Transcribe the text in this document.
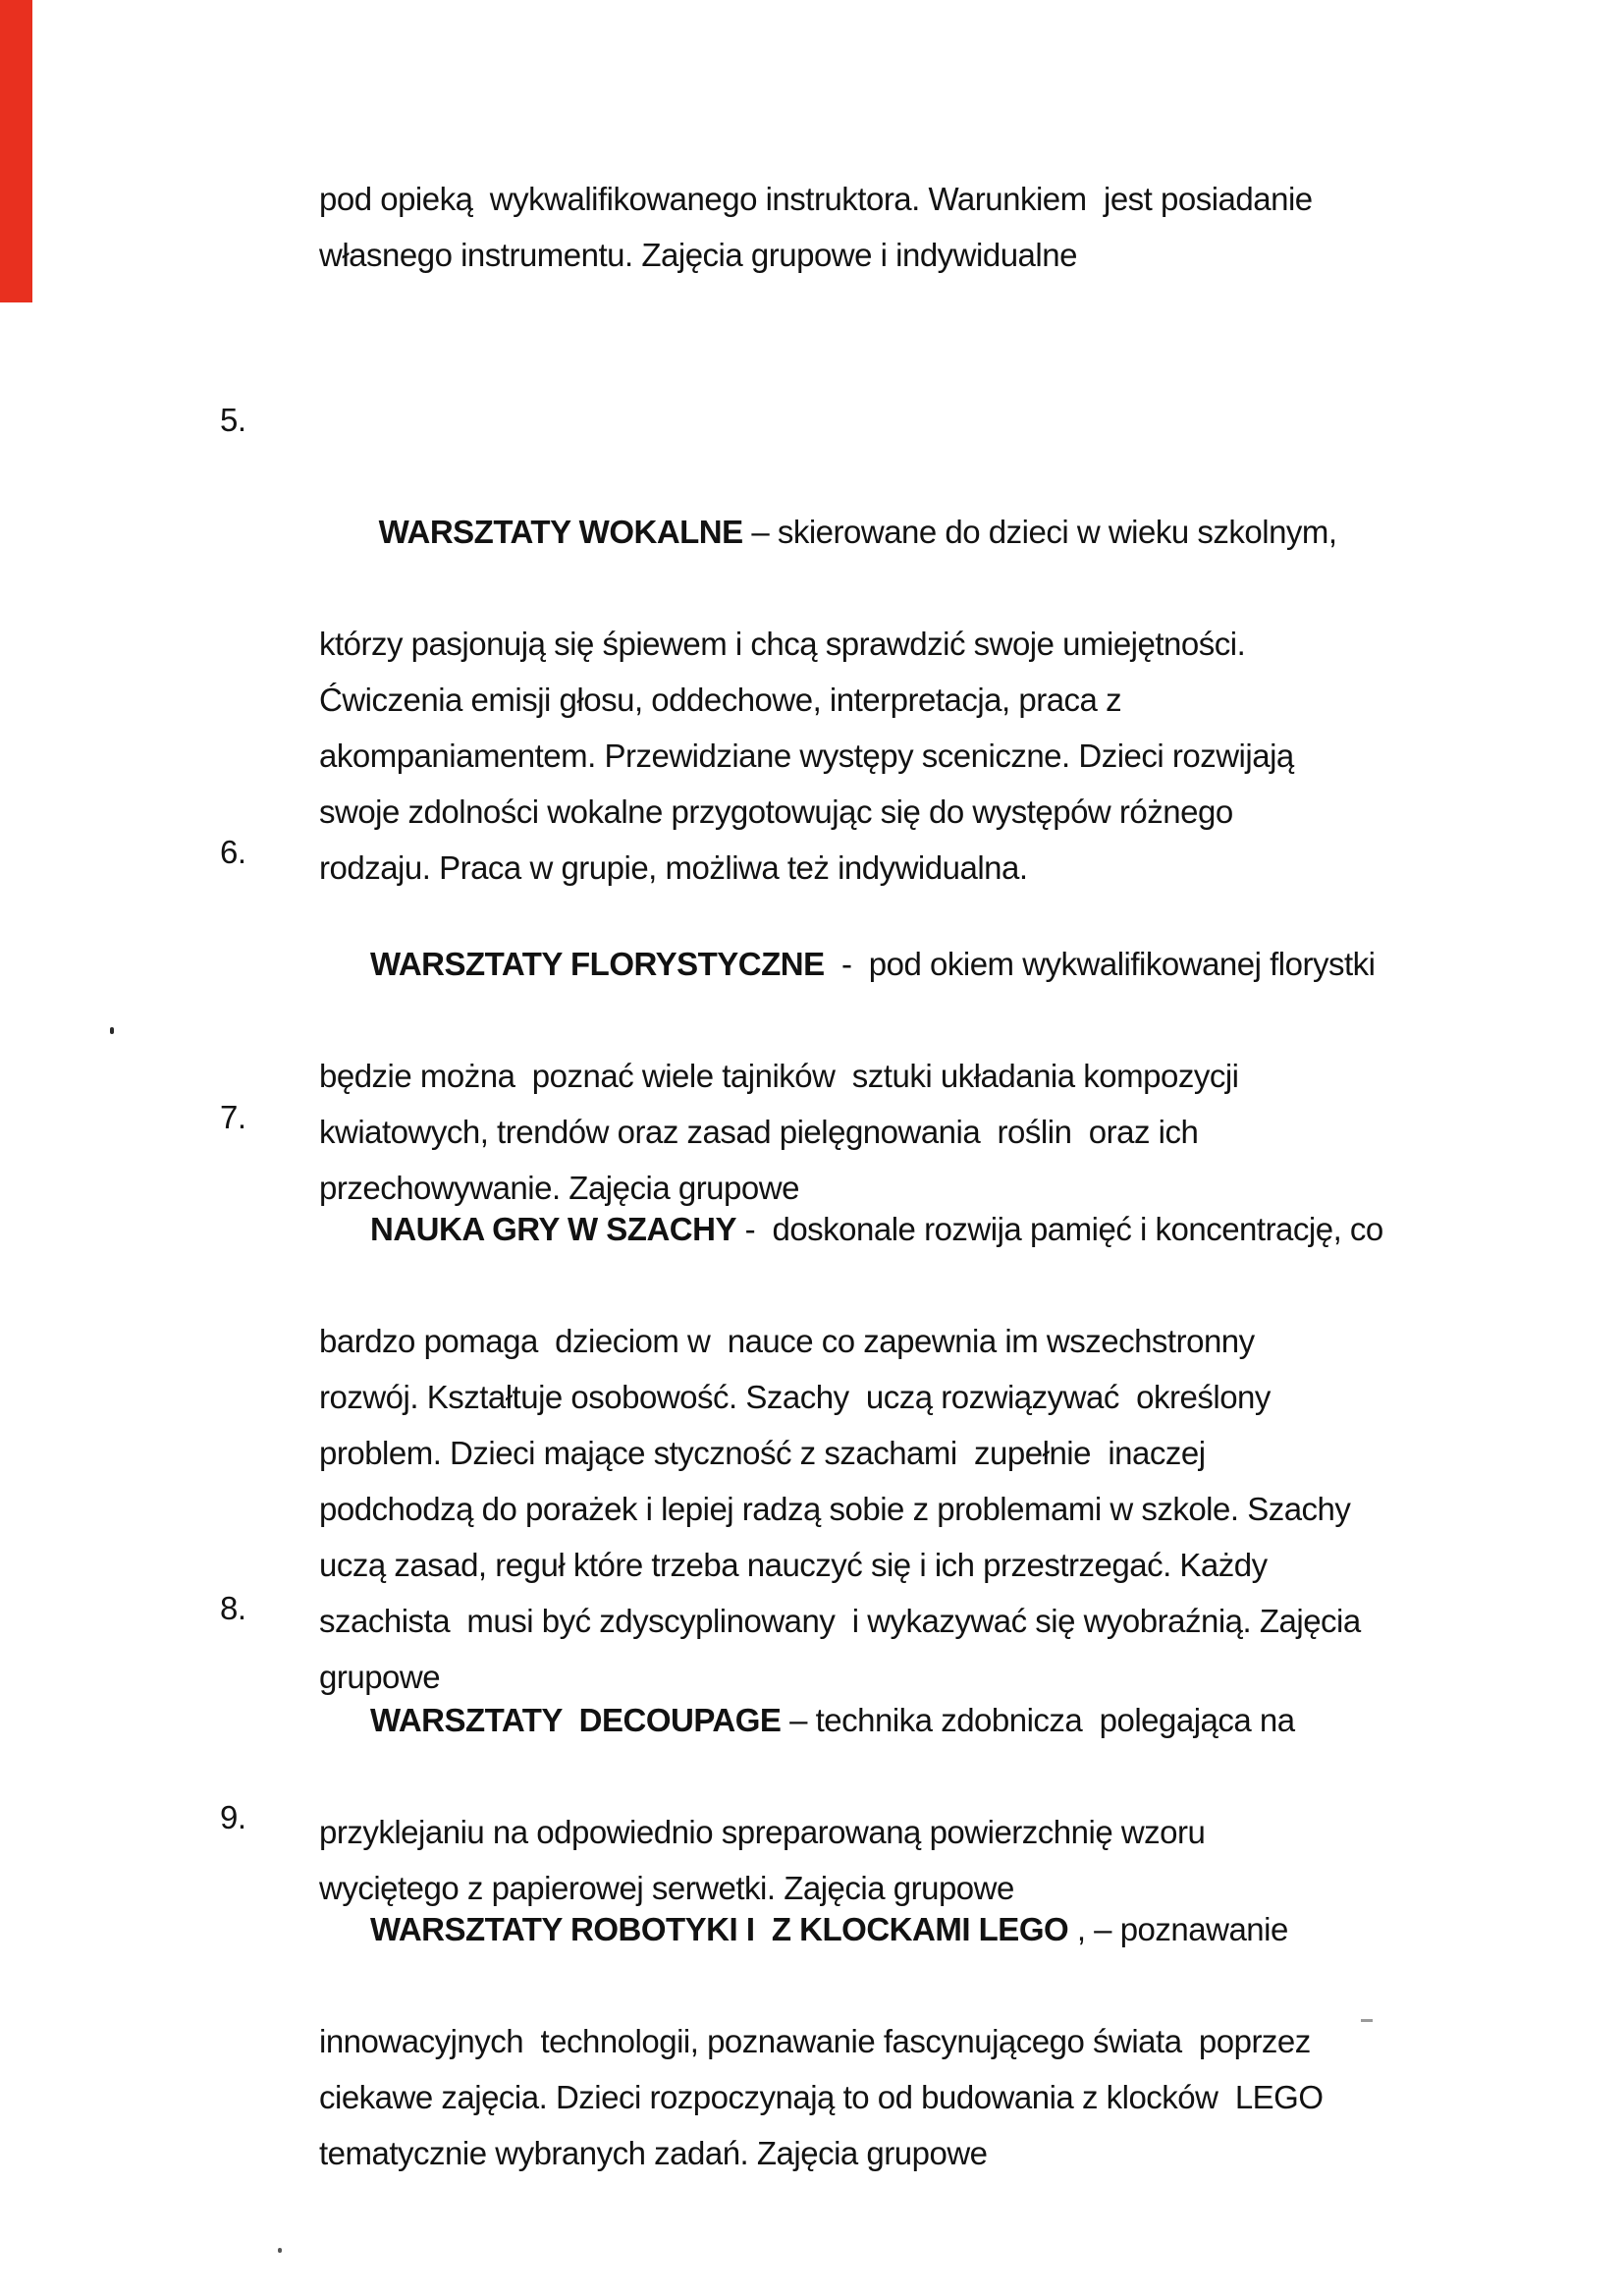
pod opieką  wykwalifikowanego instruktora. Warunkiem  jest posiadanie
własnego instrumentu. Zajęcia grupowe i indywidualne

5.

WARSZTATY WOKALNE – skierowane do dzieci w wieku szkolnym,

którzy pasjonują się śpiewem i chcą sprawdzić swoje umiejętności.
Ćwiczenia emisji głosu, oddechowe, interpretacja, praca z
akompaniamentem. Przewidziane występy sceniczne. Dzieci rozwijają
swoje zdolności wokalne przygotowując się do występów różnego
rodzaju. Praca w grupie, możliwa też indywidualna.

6.

WARSZTATY FLORYSTYCZNE  -  pod okiem wykwalifikowanej florystki

będzie można  poznać wiele tajników  sztuki układania kompozycji
kwiatowych, trendów oraz zasad pielęgnowania  roślin  oraz ich
przechowywanie. Zajęcia grupowe

7.

NAUKA GRY W SZACHY -  doskonale rozwija pamięć i koncentrację, co

bardzo pomaga  dzieciom w  nauce co zapewnia im wszechstronny
rozwój. Kształtuje osobowość. Szachy  uczą rozwiązywać  określony
problem. Dzieci mające styczność z szachami  zupełnie  inaczej
podchodzą do porażek i lepiej radzą sobie z problemami w szkole. Szachy
uczą zasad, reguł które trzeba nauczyć się i ich przestrzegać. Każdy
szachista  musi być zdyscyplinowany  i wykazywać się wyobraźnią. Zajęcia
grupowe

8.

WARSZTATY  DECOUPAGE – technika zdobnicza  polegająca na

przyklejaniu na odpowiednio spreparowaną powierzchnię wzoru
wyciętego z papierowej serwetki. Zajęcia grupowe

9.

WARSZTATY ROBOTYKI I  Z KLOCKAMI LEGO , – poznawanie

innowacyjnych  technologii, poznawanie fascynującego świata  poprzez
ciekawe zajęcia. Dzieci rozpoczynają to od budowania z klocków  LEGO
tematycznie wybranych zadań. Zajęcia grupowe
